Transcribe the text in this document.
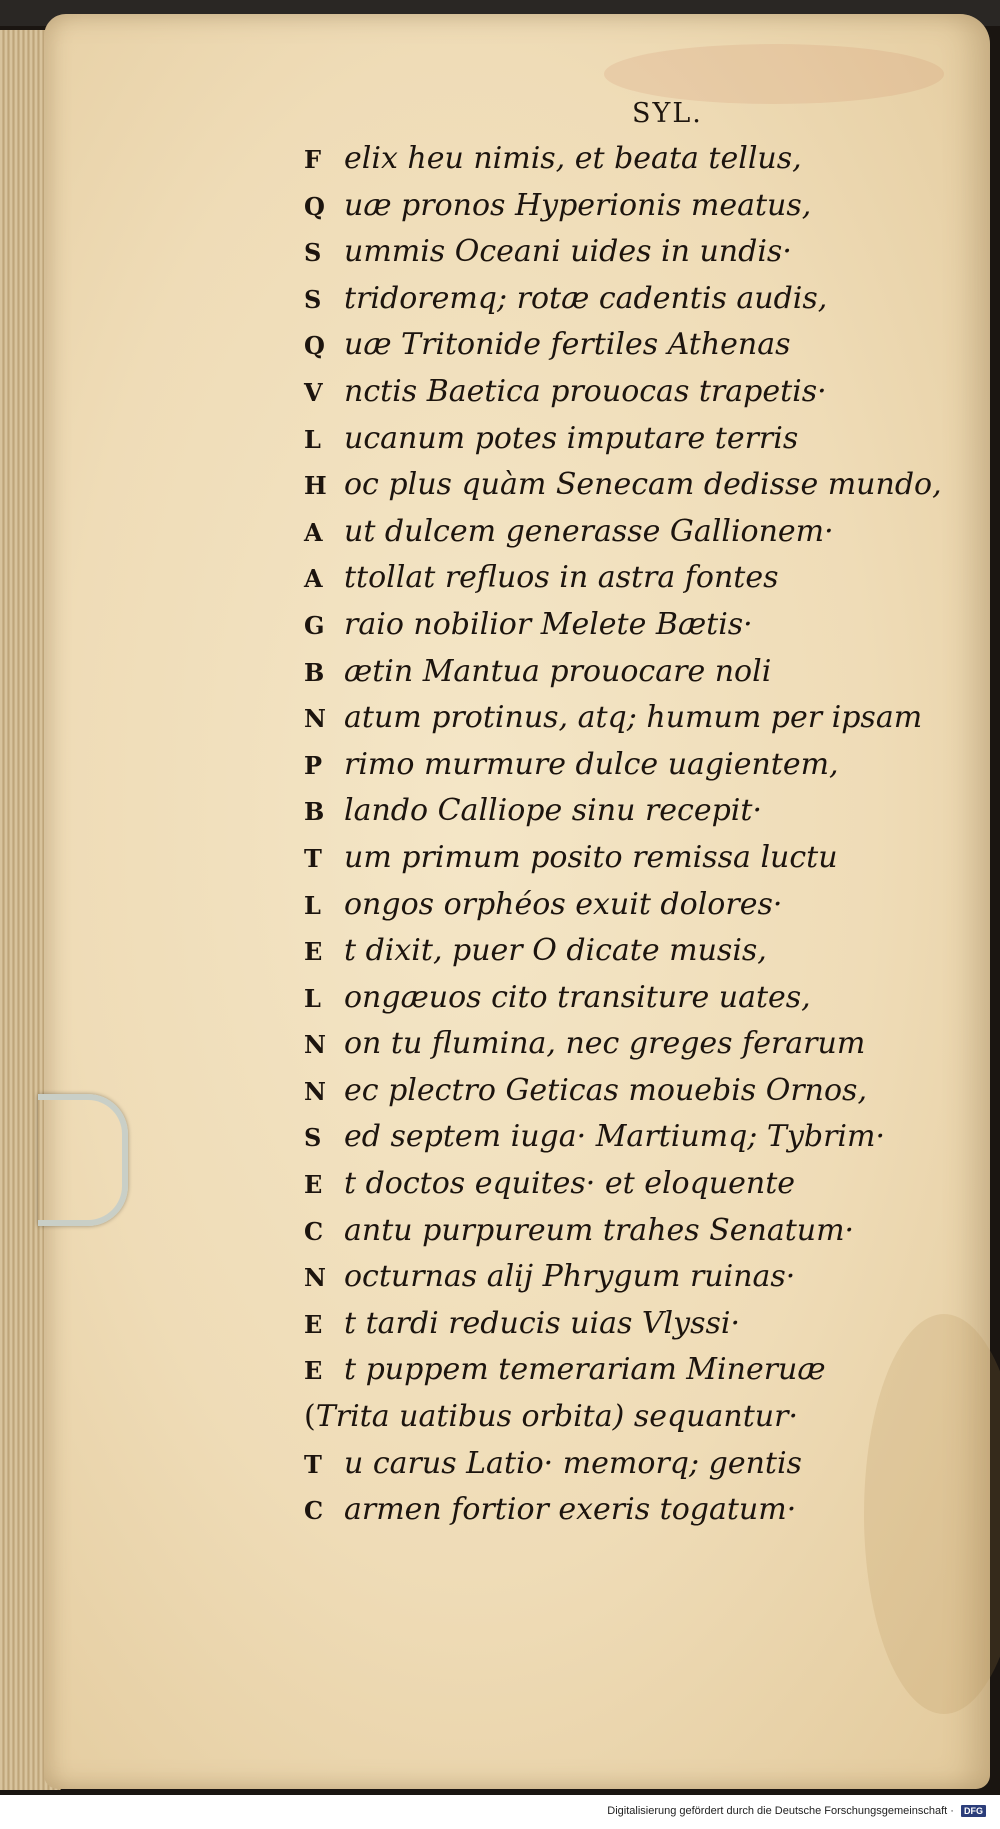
SYL.
F elix heu nimis, et beata tellus,
Q uæ pronos Hyperionis meatus,
S ummis Oceani uides in undis·
S tridoremq; rotæ cadentis audis,
Q uæ Tritonide fertiles Athenas
V nctis Baetica prouocas trapetis·
L ucanum potes imputare terris
H oc plus quàm Senecam dedisse mundo,
A ut dulcem generasse Gallionem·
A ttollat refluos in astra fontes
G raio nobilior Melete Bætis·
B ætin Mantua prouocare noli
N atum protinus, atq; humum per ipsam
P rimo murmure dulce uagientem,
B lando Calliope sinu recepit·
T um primum posito remissa luctu
L ongos orphéos exuit dolores·
E t dixit, puer O dicate musis,
L ongæuos cito transiture uates,
N on tu flumina, nec greges ferarum
N ec plectro Geticas mouebis Ornos,
S ed septem iuga· Martiumq; Tybrim·
E t doctos equites· et eloquente
C antu purpureum trahes Senatum·
N octurnas alij Phrygum ruinas·
E t tardi reducis uias Vlyssi·
E t puppem temerariam Mineruæ
(Trita uatibus orbita) sequantur·
T u carus Latio· memorq; gentis
C armen fortior exeris togatum·
Digitalisierung gefördert durch die Deutsche Forschungsgemeinschaft · DFG
